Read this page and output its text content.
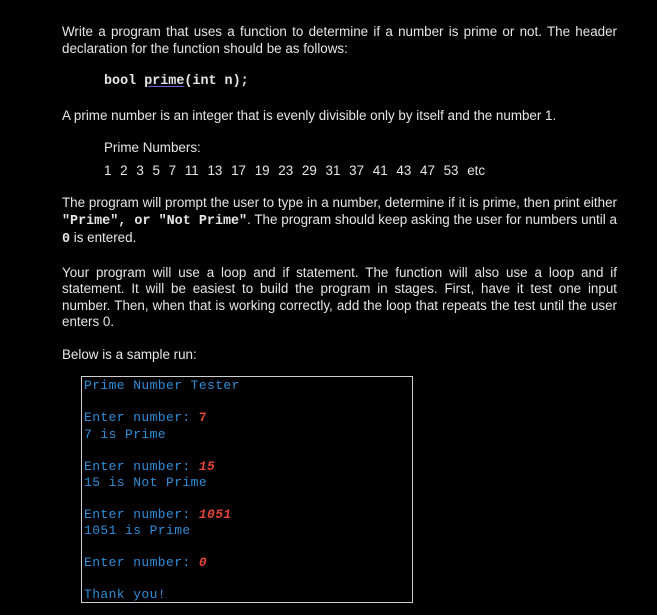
Write a program that uses a function to determine if a number is prime or not. The header declaration for the function should be as follows:

bool prime(int n);

A prime number is an integer that is evenly divisible only by itself and the number 1.

Prime Numbers:

1 2 3 5 7 11 13 17 19 23 29 31 37 41 43 47 53 etc

The program will prompt the user to type in a number, determine if it is prime, then print either "Prime", or "Not Prime". The program should keep asking the user for numbers until a 0 is entered.

Your program will use a loop and if statement. The function will also use a loop and if statement. It will be easiest to build the program in stages. First, have it test one input number. Then, when that is working correctly, add the loop that repeats the test until the user enters 0.

Below is a sample run:

Prime Number Tester
Enter number: 7
7 is Prime
Enter number: 15
15 is Not Prime
Enter number: 1051
1051 is Prime
Enter number: 0
Thank you!
